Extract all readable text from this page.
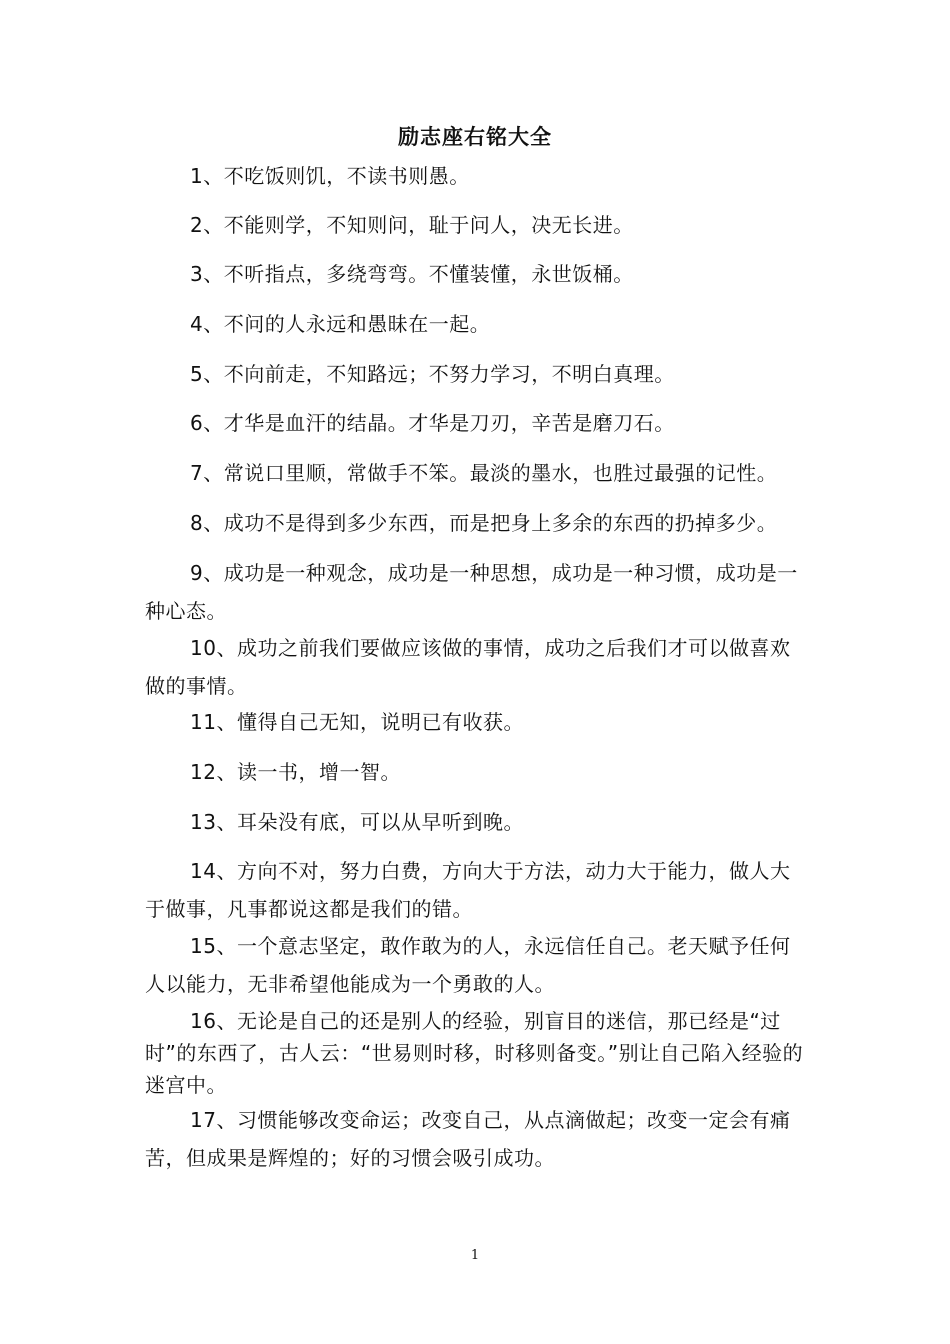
励志座右铭大全
1、不吃饭则饥，不读书则愚。
2、不能则学，不知则问，耻于问人，决无长进。
3、不听指点，多绕弯弯。不懂装懂，永世饭桶。
4、不问的人永远和愚昧在一起。
5、不向前走，不知路远；不努力学习，不明白真理。
6、才华是血汗的结晶。才华是刀刃，辛苦是磨刀石。
7、常说口里顺，常做手不笨。最淡的墨水，也胜过最强的记性。
8、成功不是得到多少东西，而是把身上多余的东西的扔掉多少。
9、成功是一种观念，成功是一种思想，成功是一种习惯，成功是一种心态。
10、成功之前我们要做应该做的事情，成功之后我们才可以做喜欢做的事情。
11、懂得自己无知，说明已有收获。
12、读一书，增一智。
13、耳朵没有底，可以从早听到晚。
14、方向不对，努力白费，方向大于方法，动力大于能力，做人大于做事，凡事都说这都是我们的错。
15、一个意志坚定，敢作敢为的人，永远信任自己。老天赋予任何人以能力，无非希望他能成为一个勇敢的人。
16、无论是自己的还是别人的经验，别盲目的迷信，那已经是“过时”的东西了，古人云：“世易则时移，时移则备变。”别让自己陷入经验的迷宫中。
17、习惯能够改变命运；改变自己，从点滴做起；改变一定会有痛苦，但成果是辉煌的；好的习惯会吸引成功。
1
